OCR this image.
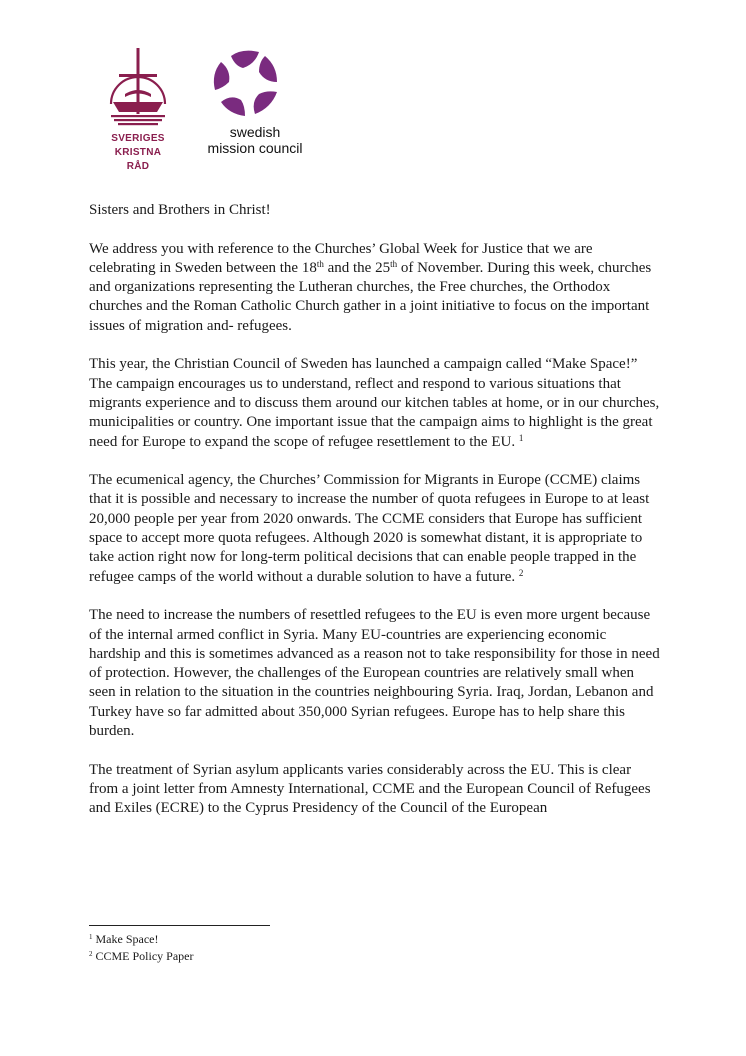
SVERIGES
KRISTNA RÅD
swedish
mission council

Sisters and Brothers in Christ!

We address you with reference to the Churches’ Global Week for Justice that we are celebrating in Sweden between the 18th and the 25th of November. During this week, churches and organizations representing the Lutheran churches, the Free churches, the Orthodox churches and the Roman Catholic Church gather in a joint initiative to focus on the important issues of migration and- refugees.

This year, the Christian Council of Sweden has launched a campaign called “Make Space!” The campaign encourages us to understand, reflect and respond to various situations that migrants experience and to discuss them around our kitchen tables at home, or in our churches, municipalities or country. One important issue that the campaign aims to highlight is the great need for Europe to expand the scope of refugee resettlement to the EU. $^1$

The ecumenical agency, the Churches’ Commission for Migrants in Europe (CCME) claims that it is possible and necessary to increase the number of quota refugees in Europe to at least 20,000 people per year from 2020 onwards. The CCME considers that Europe has sufficient space to accept more quota refugees. Although 2020 is somewhat distant, it is appropriate to take action right now for long-term political decisions that can enable people trapped in the refugee camps of the world without a durable solution to have a future. $^2$

The need to increase the numbers of resettled refugees to the EU is even more urgent because of the internal armed conflict in Syria. Many EU-countries are experiencing economic hardship and this is sometimes advanced as a reason not to take responsibility for those in need of protection. However, the challenges of the European countries are relatively small when seen in relation to the situation in the countries neighbouring Syria. Iraq, Jordan, Lebanon and Turkey have so far admitted about 350,000 Syrian refugees. Europe has to help share this burden.

The treatment of Syrian asylum applicants varies considerably across the EU. This is clear from a joint letter from Amnesty International, CCME and the European Council of Refugees and Exiles (ECRE) to the Cyprus Presidency of the Council of the European

$^1$ Make Space!
$^2$ CCME Policy Paper
